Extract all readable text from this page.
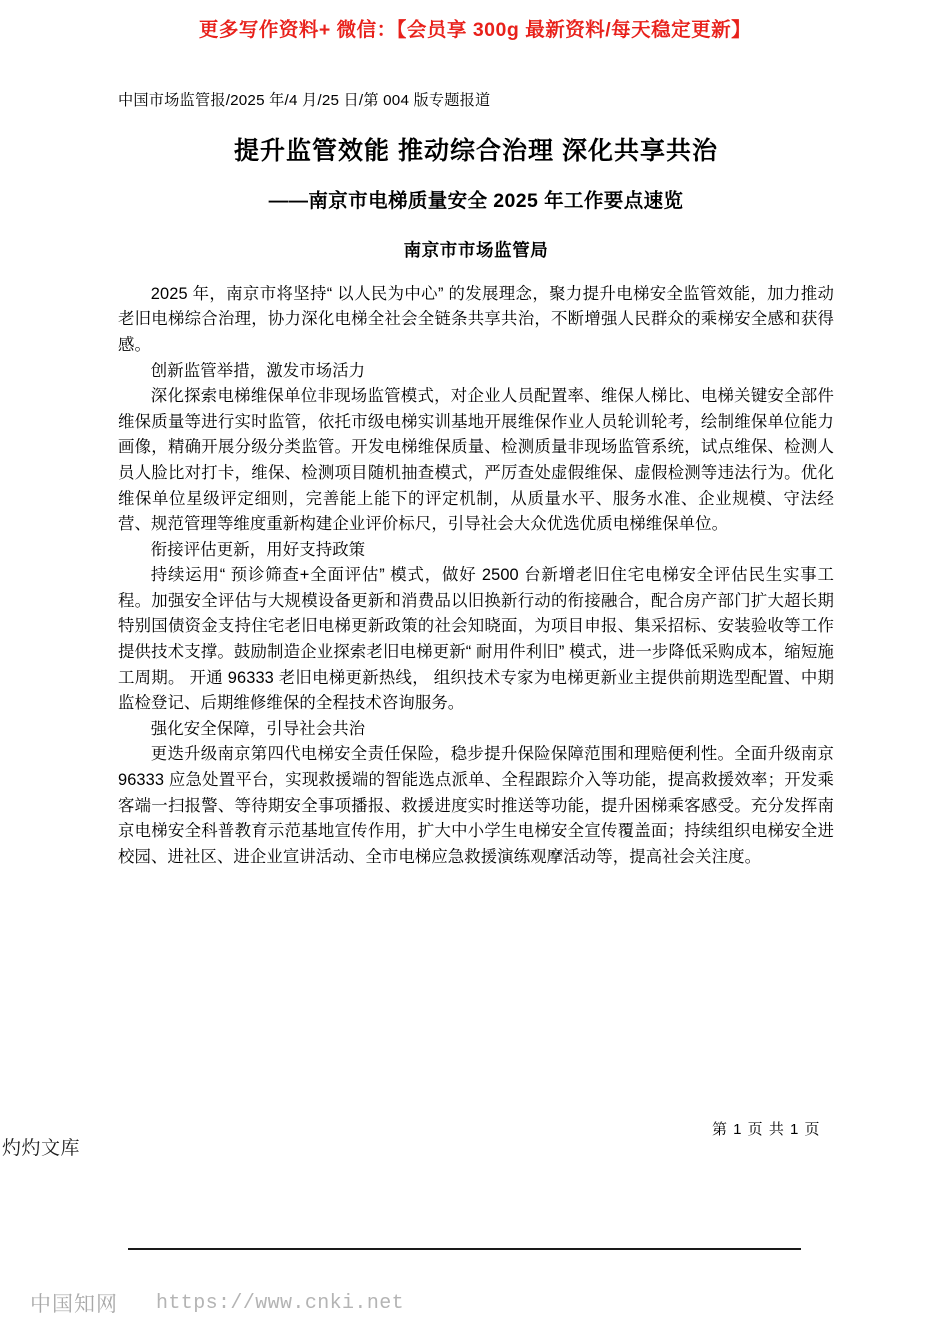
更多写作资料+ 微信：【会员享 300g 最新资料/每天稳定更新】
中国市场监管报/2025 年/4 月/25 日/第 004 版专题报道
提升监管效能 推动综合治理 深化共享共治
——南京市电梯质量安全 2025 年工作要点速览
南京市市场监管局

2025 年，南京市将坚持“ 以人民为中心” 的发展理念，聚力提升电梯安全监管效能，加力推动老旧电梯综合治理，协力深化电梯全社会全链条共享共治，不断增强人民群众的乘梯安全感和获得感。

创新监管举措，激发市场活力

深化探索电梯维保单位非现场监管模式，对企业人员配置率、维保人梯比、电梯关键安全部件维保质量等进行实时监管，依托市级电梯实训基地开展维保作业人员轮训轮考，绘制维保单位能力画像，精确开展分级分类监管。开发电梯维保质量、检测质量非现场监管系统，试点维保、检测人员人脸比对打卡，维保、检测项目随机抽查模式，严厉查处虚假维保、虚假检测等违法行为。优化维保单位星级评定细则，完善能上能下的评定机制，从质量水平、服务水准、企业规模、守法经营、规范管理等维度重新构建企业评价标尺，引导社会大众优选优质电梯维保单位。

衔接评估更新，用好支持政策

持续运用“ 预诊筛查+全面评估” 模式，做好 2500 台新增老旧住宅电梯安全评估民生实事工程。加强安全评估与大规模设备更新和消费品以旧换新行动的衔接融合，配合房产部门扩大超长期特别国债资金支持住宅老旧电梯更新政策的社会知晓面，为项目申报、集采招标、安装验收等工作提供技术支撑。鼓励制造企业探索老旧电梯更新“ 耐用件利旧” 模式，进一步降低采购成本，缩短施工周期。 开通 96333 老旧电梯更新热线， 组织技术专家为电梯更新业主提供前期选型配置、中期监检登记、后期维修维保的全程技术咨询服务。

强化安全保障，引导社会共治

更迭升级南京第四代电梯安全责任保险，稳步提升保险保障范围和理赔便利性。全面升级南京 96333 应急处置平台，实现救援端的智能选点派单、全程跟踪介入等功能，提高救援效率；开发乘客端一扫报警、等待期安全事项播报、救援进度实时推送等功能，提升困梯乘客感受。充分发挥南京电梯安全科普教育示范基地宣传作用，扩大中小学生电梯安全宣传覆盖面；持续组织电梯安全进校园、进社区、进企业宣讲活动、全市电梯应急救援演练观摩活动等，提高社会关注度。

第 1 页 共 1 页
灼灼文库
中国知网 https://www.cnki.net
